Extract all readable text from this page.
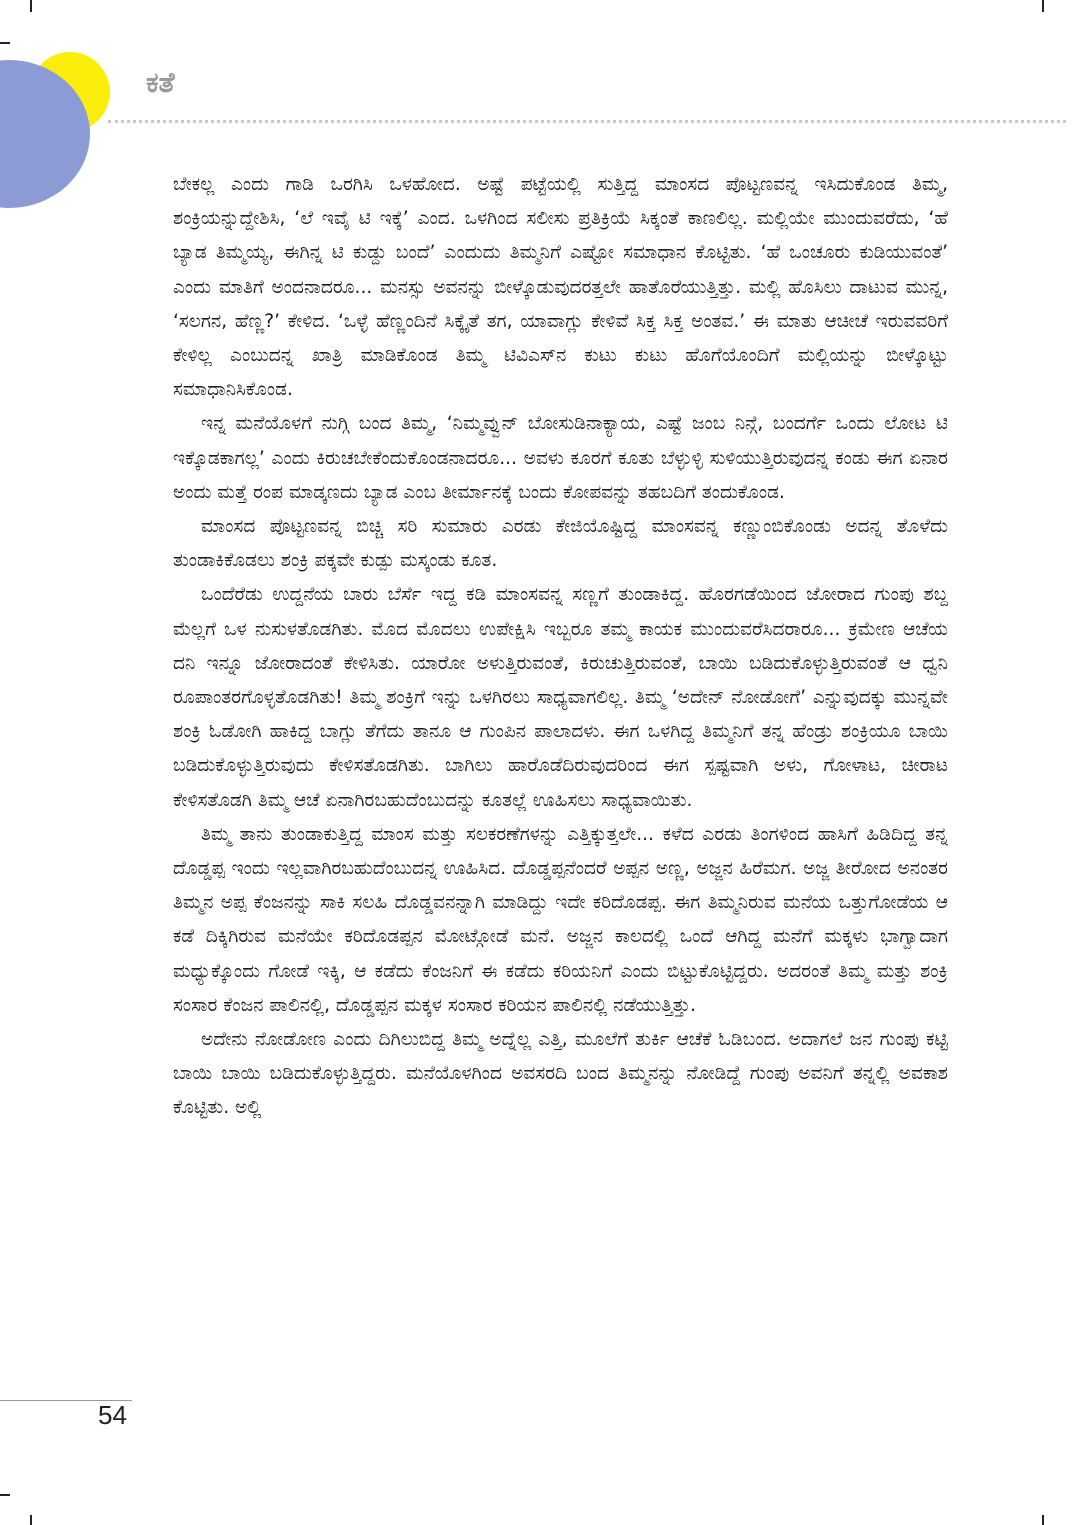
ಕತೆ

ಬೇಕಲ್ಲ ಎಂದು ಗಾಡಿ ಒರಗಿಸಿ ಒಳಹೋದ. ಅಷ್ಟೆ ಪಟ್ಟೆಯಲ್ಲಿ ಸುತ್ತಿದ್ದ ಮಾಂಸದ ಪೊಟ್ಟಣವನ್ನ ಇಸಿದುಕೊಂಡ ತಿಮ್ಮ, ಶಂಕ್ರಿಯನ್ನುದ್ದೇಶಿಸಿ, ‘ಲೆ ಇವೈ ಟಿ ಇಕ್ಕೆ’ ಎಂದ. ಒಳಗಿಂದ ಸಲೀಸು ಪ್ರತಿಕ್ರಿಯೆ ಸಿಕ್ಕಂತೆ ಕಾಣಲಿಲ್ಲ. ಮಲ್ಲಿಯೇ ಮುಂದುವರೆದು, ‘ಹೆ ಬ್ಯಾಡ ತಿಮ್ಮಯ್ಯ, ಈಗಿನ್ನ ಟಿ ಕುಡ್ದು ಬಂದೆ’ ಎಂದುದು ತಿಮ್ಮನಿಗೆ ಎಷ್ಟೋ ಸಮಾಧಾನ ಕೊಟ್ಟಿತು. ‘ಹೆ ಒಂಚೂರು ಕುಡಿಯುವಂತೆ’ ಎಂದು ಮಾತಿಗೆ ಅಂದನಾದರೂ... ಮನಸ್ಸು ಅವನನ್ನು ಬೀಳ್ಕೊಡುವುದರತ್ತಲೇ ಹಾತೊರೆಯುತ್ತಿತ್ತು. ಮಲ್ಲಿ ಹೊಸಿಲು ದಾಟುವ ಮುನ್ನ, ‘ಸಲಗನ, ಹೆಣ್ಣ?’ ಕೇಳಿದ. ‘ಒಳ್ಳೆ ಹೆಣ್ಣಂದಿನೆ ಸಿಕ್ಕೈತೆ ತಗ, ಯಾವಾಗ್ಲು ಕೇಳಿವೆ ಸಿಕ್ತ ಸಿಕ್ತ ಅಂತವ.’ ಈ ಮಾತು ಆಚೀಚೆ ಇರುವವರಿಗೆ ಕೇಳಿಲ್ಲ ಎಂಬುದನ್ನ ಖಾತ್ರಿ ಮಾಡಿಕೊಂಡ ತಿಮ್ಮ ಟಿವಿಎಸ್‌ನ ಕುಟು ಕುಟು ಹೊಗೆಯೊಂದಿಗೆ ಮಲ್ಲಿಯನ್ನು ಬೀಳ್ಕೊಟ್ಟು ಸಮಾಧಾನಿಸಿಕೊಂಡ.

ಇನ್ನ ಮನೆಯೊಳಗೆ ನುಗ್ಗಿ ಬಂದ ತಿಮ್ಮ, ‘ನಿಮ್ಮವ್ವುನ್ ಬೋಸುಡಿನಾಕ್ಯಾಯ, ಎಷ್ಟೆ ಜಂಬ ನಿನ್ಗೆ, ಬಂದರ್ಗೆ ಒಂದು ಲೋಟ ಟಿ ಇಕ್ಕೊಡಕಾಗಲ್ಲ’ ಎಂದು ಕಿರುಚಬೇಕೆಂದುಕೊಂಡನಾದರೂ... ಅವಳು ಕೂರಗೆ ಕೂತು ಬೆಳ್ಳುಳ್ಳಿ ಸುಳಿಯುತ್ತಿರುವುದನ್ನ ಕಂಡು ಈಗ ಏನಾರ ಅಂದು ಮತ್ತೆ ರಂಪ ಮಾಡ್ಕಣದು ಬ್ಯಾಡ ಎಂಬ ತೀರ್ಮಾನಕ್ಕೆ ಬಂದು ಕೋಪವನ್ನು ತಹಬದಿಗೆ ತಂದುಕೊಂಡ.

ಮಾಂಸದ ಪೊಟ್ಟಣವನ್ನ ಬಿಚ್ಚಿ ಸರಿ ಸುಮಾರು ಎರಡು ಕೇಜಿಯೊಷ್ಟಿದ್ದ ಮಾಂಸವನ್ನ ಕಣ್ಣುಂಬಿಕೊಂಡು ಅದನ್ನ ತೊಳೆದು ತುಂಡಾಕಿಕೊಡಲು ಶಂಕ್ರಿ ಪಕ್ಕವೇ ಕುಡ್ಪು ಮಸ್ಕಂಡು ಕೂತ.

ಒಂದೆರೆಡು ಉದ್ದನೆಯ ಬಾರು ಬೆರ್ಸೆ ಇದ್ದ ಕಡಿ ಮಾಂಸವನ್ನ ಸಣ್ಣಗೆ ತುಂಡಾಕಿದ್ದ. ಹೊರಗಡೆಯಿಂದ ಜೋರಾದ ಗುಂಪು ಶಬ್ದ ಮೆಲ್ಲಗೆ ಒಳ ನುಸುಳತೊಡಗಿತು. ಮೊದ ಮೊದಲು ಉಪೇಕ್ಷಿಸಿ ಇಬ್ಬರೂ ತಮ್ಮ ಕಾಯಕ ಮುಂದುವರೆಸಿದರಾರೂ... ಕ್ರಮೇಣ ಆಚೆಯ ದನಿ ಇನ್ನೂ ಜೋರಾದಂತೆ ಕೇಳಿಸಿತು. ಯಾರೋ ಅಳುತ್ತಿರುವಂತೆ, ಕಿರುಚುತ್ತಿರುವಂತೆ, ಬಾಯಿ ಬಡಿದುಕೊಳ್ಳುತ್ತಿರುವಂತೆ ಆ ಧ್ವನಿ ರೂಪಾಂತರಗೊಳ್ಳತೊಡಗಿತು! ತಿಮ್ಮ ಶಂಕ್ರಿಗೆ ಇನ್ನು ಒಳಗಿರಲು ಸಾಧ್ಯವಾಗಲಿಲ್ಲ. ತಿಮ್ಮ ‘ಅದೇನ್ ನೋಡೋಗೆ’ ಎನ್ನುವುದಕ್ಕು ಮುನ್ನವೇ ಶಂಕ್ರಿ ಓಡೋಗಿ ಹಾಕಿದ್ದ ಬಾಗ್ಲು ತೆಗೆದು ತಾನೂ ಆ ಗುಂಪಿನ ಪಾಲಾದಳು. ಈಗ ಒಳಗಿದ್ದ ತಿಮ್ಮನಿಗೆ ತನ್ನ ಹೆಂಡ್ರು ಶಂಕ್ರಿಯೂ ಬಾಯಿ ಬಡಿದುಕೊಳ್ಳುತ್ತಿರುವುದು ಕೇಳಿಸತೊಡಗಿತು. ಬಾಗಿಲು ಹಾರೊಡೆದಿರುವುದರಿಂದ ಈಗ ಸ್ಪಷ್ಟವಾಗಿ ಅಳು, ಗೋಳಾಟ, ಚೀರಾಟ ಕೇಳಿಸತೊಡಗಿ ತಿಮ್ಮ ಆಚೆ ಏನಾಗಿರಬಹುದೆಂಬುದನ್ನು ಕೂತಲ್ಲೆ ಊಹಿಸಲು ಸಾಧ್ಯವಾಯಿತು.

ತಿಮ್ಮ ತಾನು ತುಂಡಾಕುತ್ತಿದ್ದ ಮಾಂಸ ಮತ್ತು ಸಲಕರಣೆಗಳನ್ನು ಎತ್ತಿಕ್ಕುತ್ತಲೇ... ಕಳೆದ ಎರಡು ತಿಂಗಳಿಂದ ಹಾಸಿಗೆ ಹಿಡಿದಿದ್ದ ತನ್ನ ದೊಡ್ಡಪ್ಪ ಇಂದು ಇಲ್ಲವಾಗಿರಬಹುದೆಂಬುದನ್ನ ಊಹಿಸಿದ. ದೊಡ್ಡಪ್ಪನೆಂದರೆ ಅಪ್ಪನ ಅಣ್ಣ, ಅಜ್ಜನ ಹಿರೆಮಗ. ಅಜ್ಜ ತೀರೋದ ಅನಂತರ ತಿಮ್ಮನ ಅಪ್ಪ ಕೆಂಜನನ್ನು ಸಾಕಿ ಸಲಹಿ ದೊಡ್ಡವನನ್ನಾಗಿ ಮಾಡಿದ್ದು ಇದೇ ಕರಿದೊಡಪ್ಪ. ಈಗ ತಿಮ್ಮನಿರುವ ಮನೆಯ ಒತ್ತುಗೋಡೆಯ ಆ ಕಡೆ ದಿಕ್ಕಿಗಿರುವ ಮನೆಯೇ ಕರಿದೊಡಪ್ಪನ ಮೋಟ್ಗೋಡೆ ಮನೆ. ಅಜ್ಜನ ಕಾಲದಲ್ಲಿ ಒಂದೆ ಆಗಿದ್ದ ಮನೆಗೆ ಮಕ್ಕಳು ಭಾಗ್ವಾದಾಗ ಮಧ್ಯುಕ್ಕೊಂದು ಗೋಡೆ ಇಕ್ಕಿ, ಆ ಕಡೆದು ಕೆಂಜನಿಗೆ ಈ ಕಡೆದು ಕರಿಯನಿಗೆ ಎಂದು ಬಿಟ್ಟುಕೊಟ್ಟಿದ್ದರು. ಅದರಂತೆ ತಿಮ್ಮ ಮತ್ತು ಶಂಕ್ರಿ ಸಂಸಾರ ಕೆಂಜನ ಪಾಲಿನಲ್ಲಿ, ದೊಡ್ಡಪ್ಪನ ಮಕ್ಕಳ ಸಂಸಾರ ಕರಿಯನ ಪಾಲಿನಲ್ಲಿ ನಡೆಯುತ್ತಿತ್ತು.

ಅದೇನು ನೋಡೋಣ ಎಂದು ದಿಗಿಲುಬಿದ್ದ ತಿಮ್ಮ ಅದ್ನೆಲ್ಲ ಎತ್ತಿ, ಮೂಲೆಗೆ ತುರ್ಕಿ ಆಚೆಕೆ ಓಡಿಬಂದ. ಅದಾಗಲೆ ಜನ ಗುಂಪು ಕಟ್ಟಿ ಬಾಯಿ ಬಾಯಿ ಬಡಿದುಕೊಳ್ಳುತ್ತಿದ್ದರು. ಮನೆಯೊಳಗಿಂದ ಅವಸರದಿ ಬಂದ ತಿಮ್ಮನನ್ನು ನೋಡಿದ್ದೆ ಗುಂಪು ಅವನಿಗೆ ತನ್ನಲ್ಲಿ ಅವಕಾಶ ಕೊಟ್ಟಿತು. ಅಲ್ಲಿ

54
